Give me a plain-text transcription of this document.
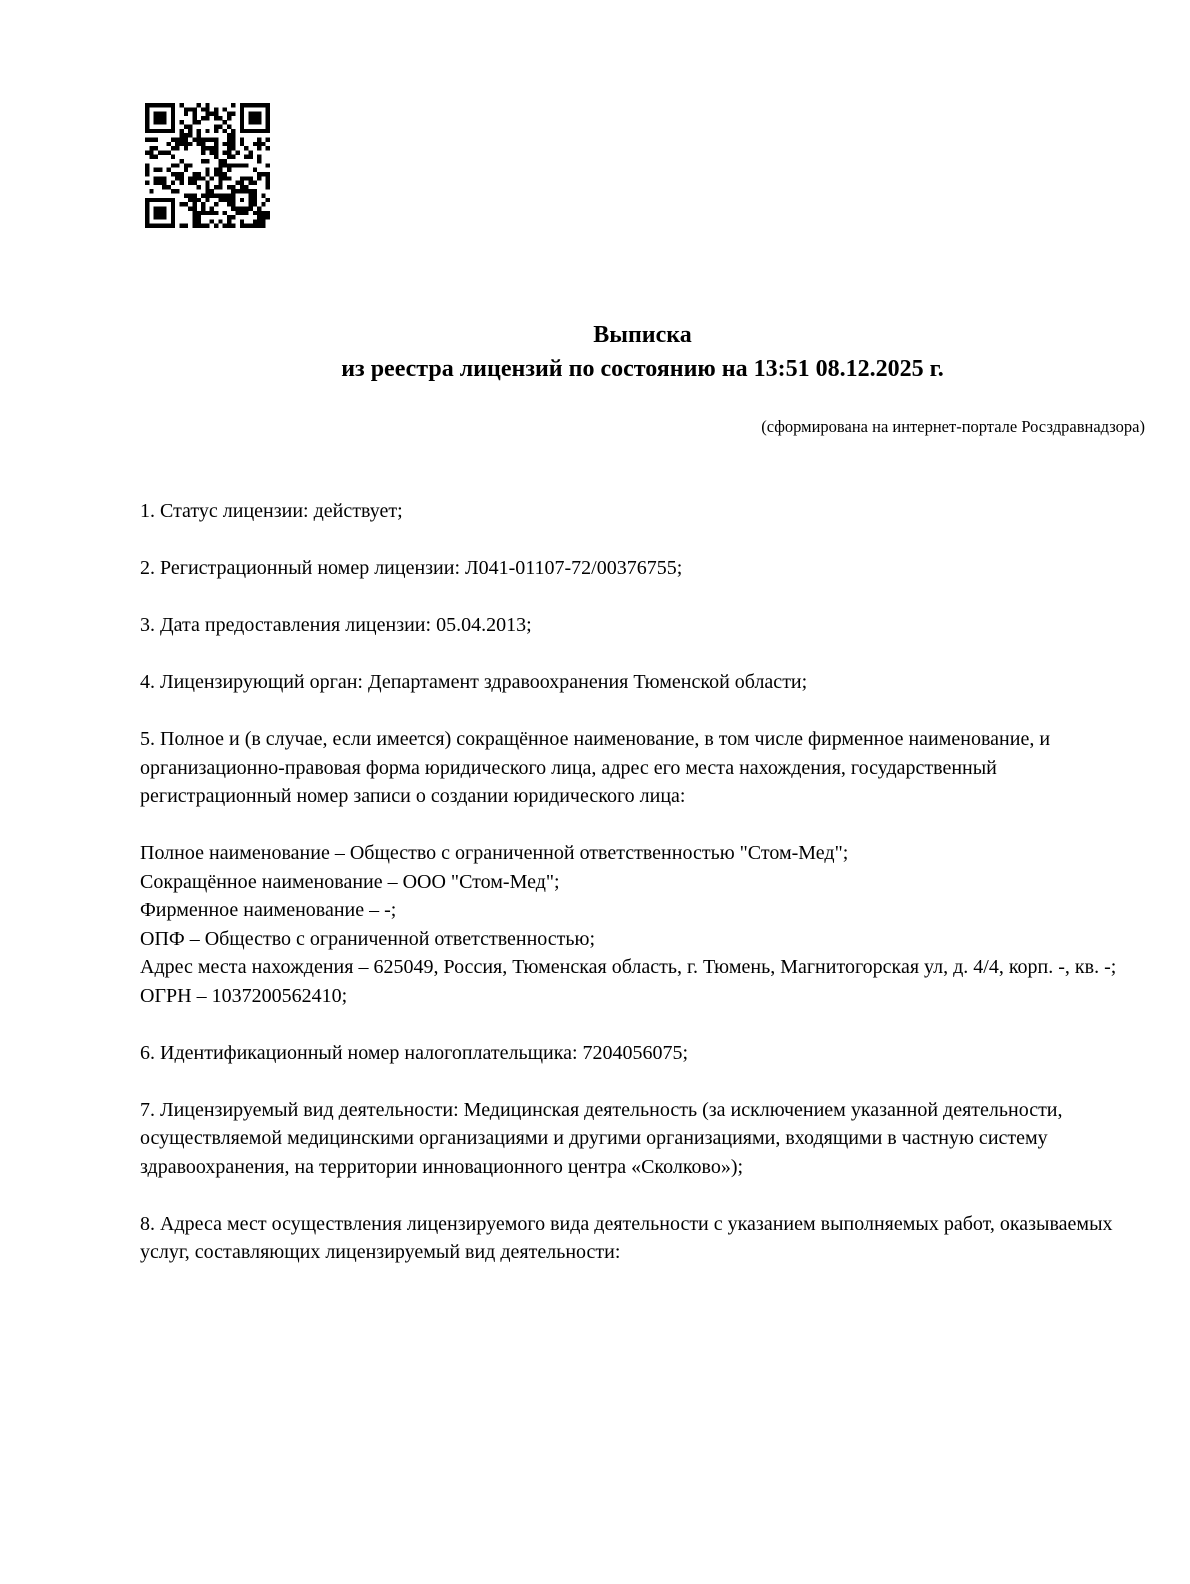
Выписка
из реестра лицензий по состоянию на 13:51 08.12.2025 г.
(сформирована на интернет-портале Росздравнадзора)

1. Статус лицензии: действует;

2. Регистрационный номер лицензии: Л041-01107-72/00376755;

3. Дата предоставления лицензии: 05.04.2013;

4. Лицензирующий орган: Департамент здравоохранения Тюменской области;

5. Полное и (в случае, если имеется) сокращённое наименование, в том числе фирменное наименование, и организационно-правовая форма юридического лица, адрес его места нахождения, государственный регистрационный номер записи о создании юридического лица:

Полное наименование – Общество с ограниченной ответственностью "Стом-Мед";
Сокращённое наименование – ООО "Стом-Мед";
Фирменное наименование – -;
ОПФ – Общество с ограниченной ответственностью;
Адрес места нахождения – 625049, Россия, Тюменская область, г. Тюмень, Магнитогорская ул, д. 4/4, корп. -, кв. -;
ОГРН – 1037200562410;

6. Идентификационный номер налогоплательщика: 7204056075;

7. Лицензируемый вид деятельности: Медицинская деятельность (за исключением указанной деятельности, осуществляемой медицинскими организациями и другими организациями, входящими в частную систему здравоохранения, на территории инновационного центра «Сколково»);

8. Адреса мест осуществления лицензируемого вида деятельности с указанием выполняемых работ, оказываемых услуг, составляющих лицензируемый вид деятельности:
